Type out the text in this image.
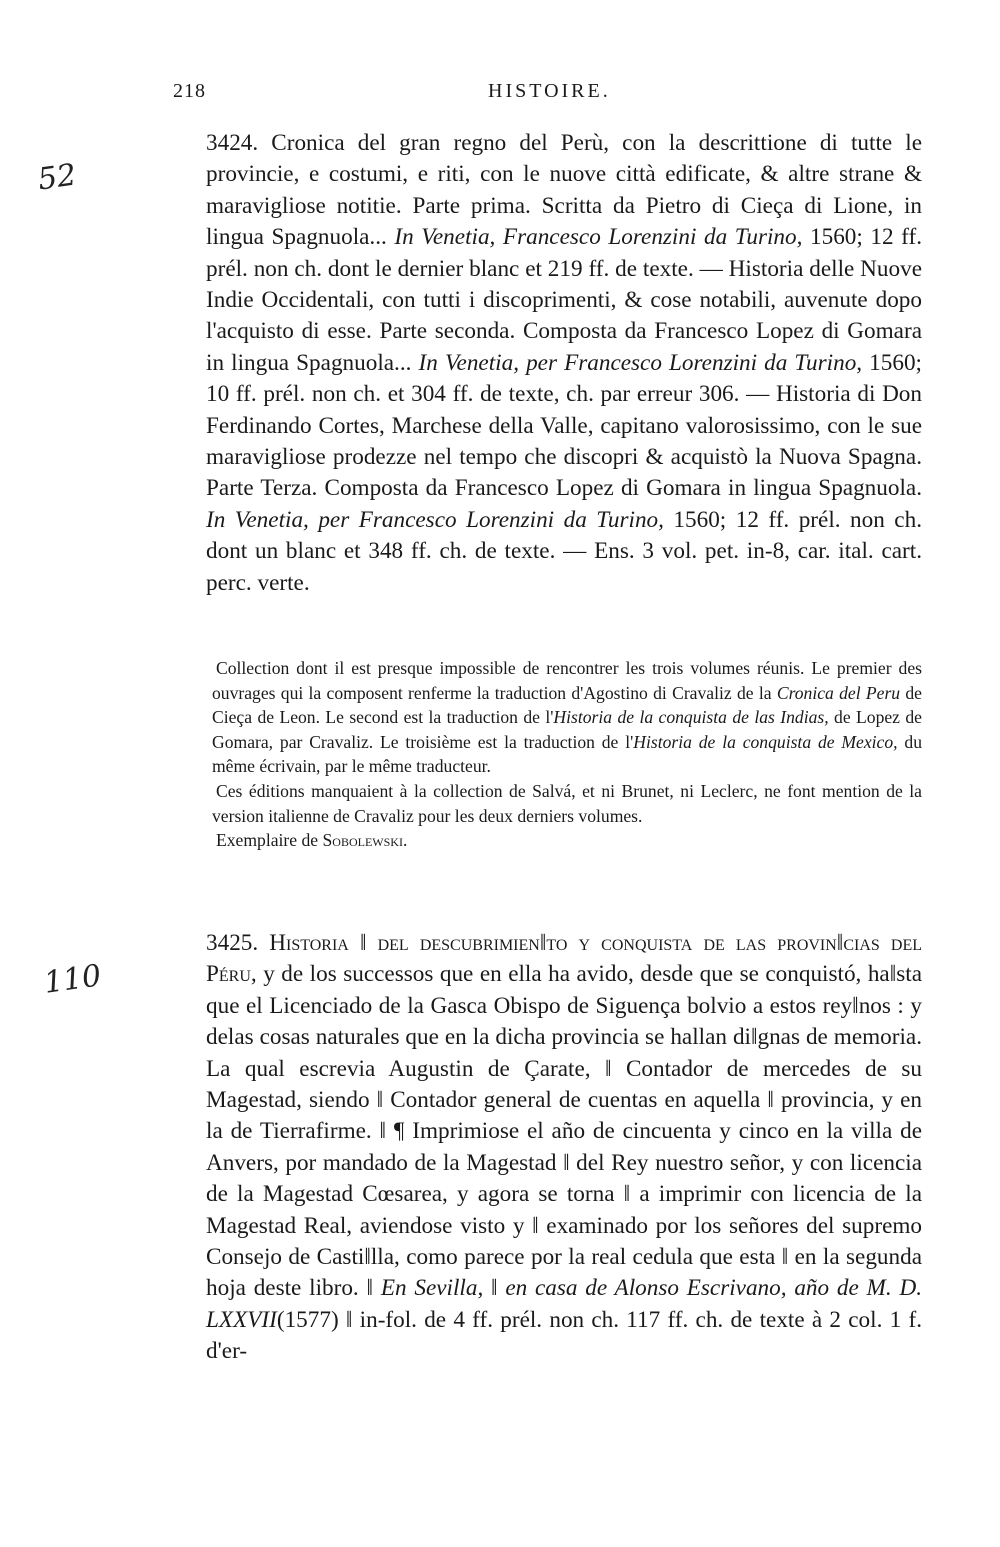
218	HISTOIRE.
52
110

3424. Cronica del gran regno del Perù, con la descrittione di tutte le provincie, e costumi, e riti, con le nuove città edificate, & altre strane & maravigliose notitie. Parte prima. Scritta da Pietro di Cieça di Lione, in lingua Spagnuola... In Venetia, Francesco Lorenzini da Turino, 1560; 12 ff. prél. non ch. dont le dernier blanc et 219 ff. de texte. — Historia delle Nuove Indie Occidentali, con tutti i discoprimenti, & cose notabili, auvenute dopo l'acquisto di esse. Parte seconda. Composta da Francesco Lopez di Gomara in lingua Spagnuola... In Venetia, per Francesco Lorenzini da Turino, 1560; 10 ff. prél. non ch. et 304 ff. de texte, ch. par erreur 306. — Historia di Don Ferdinando Cortes, Marchese della Valle, capitano valorosissimo, con le sue maravigliose prodezze nel tempo che discopri & acquistò la Nuova Spagna. Parte Terza. Composta da Francesco Lopez di Gomara in lingua Spagnuola. In Venetia, per Francesco Lorenzini da Turino, 1560; 12 ff. prél. non ch. dont un blanc et 348 ff. ch. de texte. — Ens. 3 vol. pet. in-8, car. ital. cart. perc. verte.

Collection dont il est presque impossible de rencontrer les trois volumes réunis. Le premier des ouvrages qui la composent renferme la traduction d'Agostino di Cravaliz de la Cronica del Peru de Cieça de Leon. Le second est la traduction de l'Historia de la conquista de las Indias, de Lopez de Gomara, par Cravaliz. Le troisième est la traduction de l'Historia de la conquista de Mexico, du même écrivain, par le même traducteur.

Ces éditions manquaient à la collection de Salvá, et ni Brunet, ni Leclerc, ne font mention de la version italienne de Cravaliz pour les deux derniers volumes.

Exemplaire de Sobolewski.

3425. Historia ‖ del descubrimien‖to y conquista de las provin‖cias del Péru, y de los successos que en ella ha avido, desde que se conquistó, ha‖sta que el Licenciado de la Gasca Obispo de Siguença bolvio a estos rey‖nos : y delas cosas naturales que en la dicha provincia se hallan di‖gnas de memoria. La qual escrevia Augustin de Çarate, ‖ Contador de mercedes de su Magestad, siendo ‖ Contador general de cuentas en aquella ‖ provincia, y en la de Tierrafirme. ‖ ¶ Imprimiose el año de cincuenta y cinco en la villa de Anvers, por mandado de la Magestad ‖ del Rey nuestro señor, y con licencia de la Magestad Cœsarea, y agora se torna ‖ a imprimir con licencia de la Magestad Real, aviendose visto y ‖ examinado por los señores del supremo Consejo de Casti‖lla, como parece por la real cedula que esta ‖ en la segunda hoja deste libro. ‖ En Sevilla, ‖ en casa de Alonso Escrivano, año de M. D. LXXVII(1577) ‖ in-fol. de 4 ff. prél. non ch. 117 ff. ch. de texte à 2 col. 1 f. d'er-
